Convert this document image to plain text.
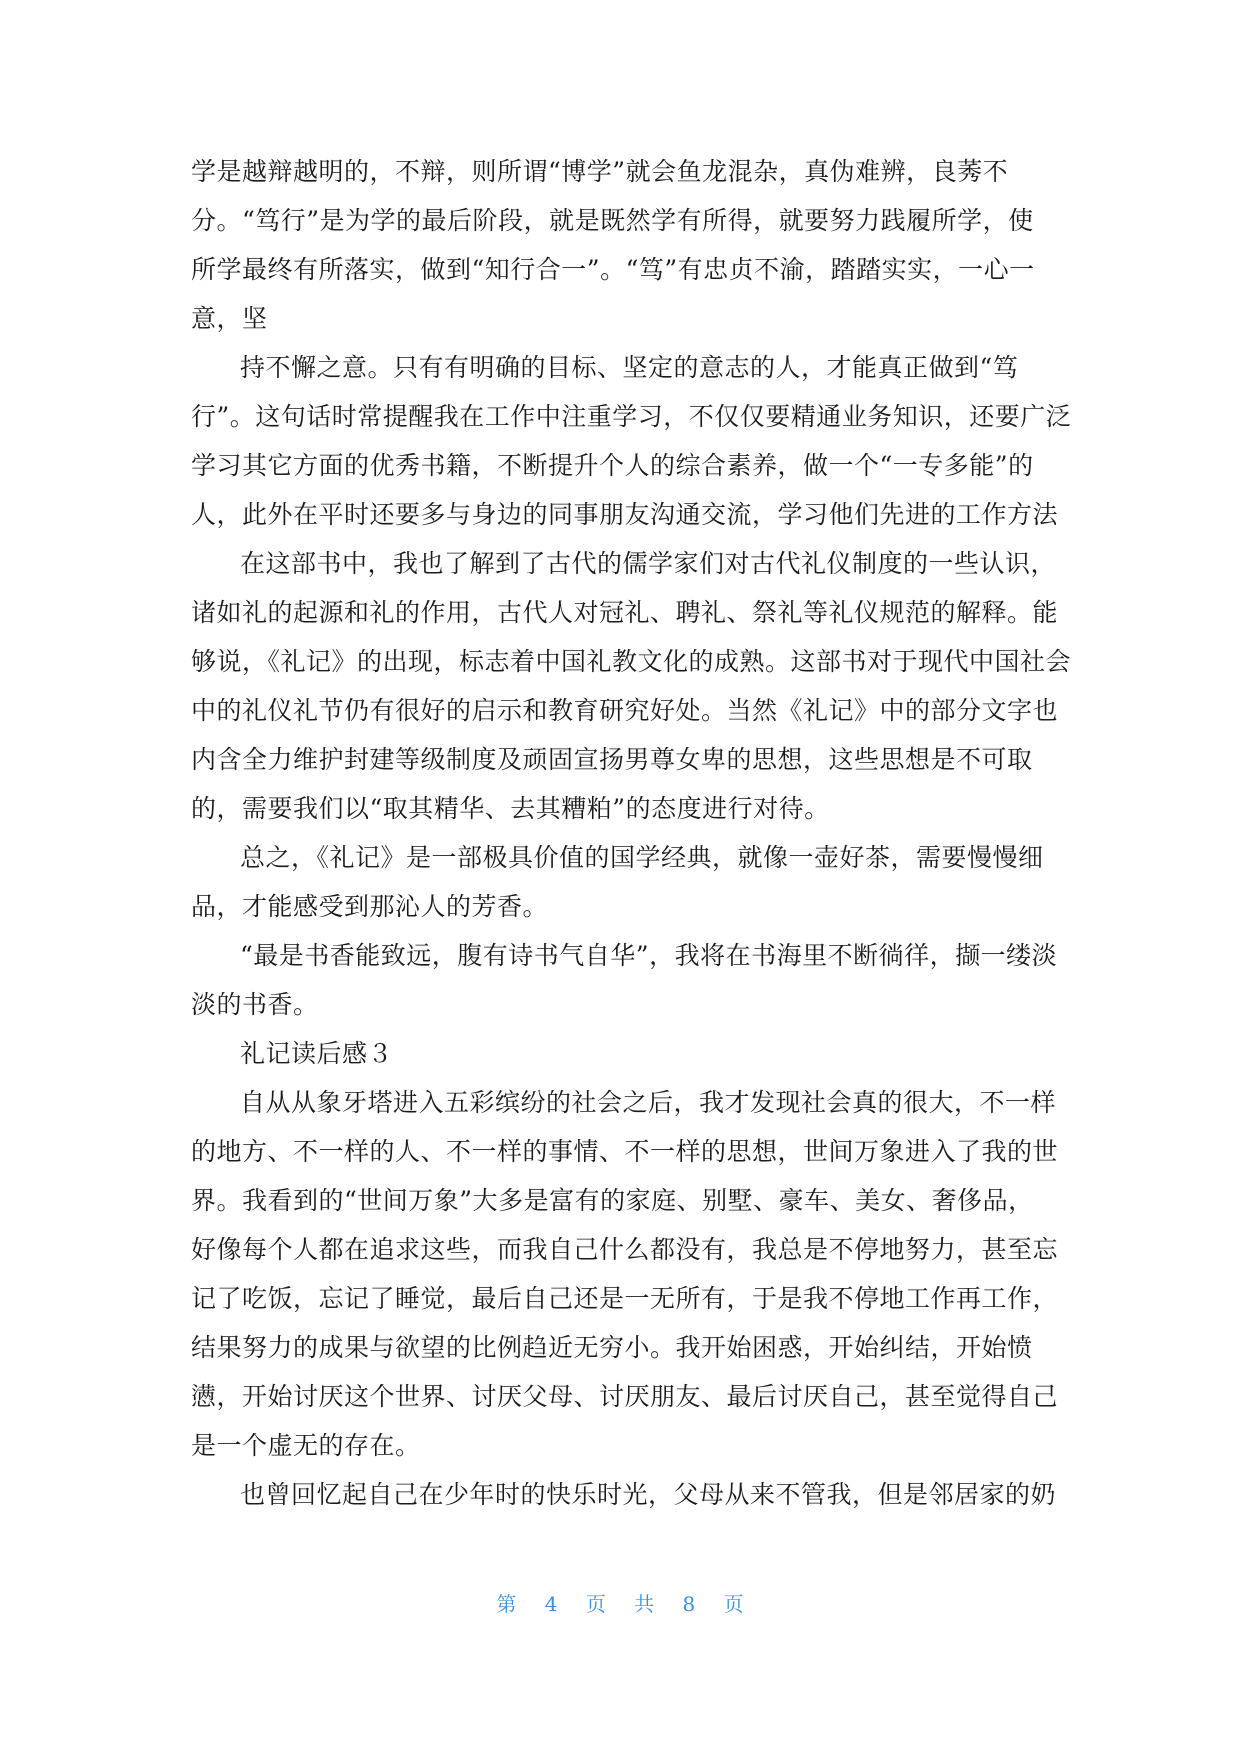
学是越辩越明的，不辩，则所谓“博学”就会鱼龙混杂，真伪难辨，良莠不
分。“笃行”是为学的最后阶段，就是既然学有所得，就要努力践履所学，使
所学最终有所落实，做到“知行合一”。“笃”有忠贞不渝，踏踏实实，一心一
意，坚
持不懈之意。只有有明确的目标、坚定的意志的人，才能真正做到“笃
行”。这句话时常提醒我在工作中注重学习，不仅仅要精通业务知识，还要广泛
学习其它方面的优秀书籍，不断提升个人的综合素养，做一个“一专多能”的
人，此外在平时还要多与身边的同事朋友沟通交流，学习他们先进的工作方法
在这部书中，我也了解到了古代的儒学家们对古代礼仪制度的一些认识，
诸如礼的起源和礼的作用，古代人对冠礼、聘礼、祭礼等礼仪规范的解释。能
够说，《礼记》的出现，标志着中国礼教文化的成熟。这部书对于现代中国社会
中的礼仪礼节仍有很好的启示和教育研究好处。当然《礼记》中的部分文字也
内含全力维护封建等级制度及顽固宣扬男尊女卑的思想，这些思想是不可取
的，需要我们以“取其精华、去其糟粕”的态度进行对待。
总之，《礼记》是一部极具价值的国学经典，就像一壶好茶，需要慢慢细
品，才能感受到那沁人的芳香。
“最是书香能致远，腹有诗书气自华”，我将在书海里不断徜徉，撷一缕淡
淡的书香。
礼记读后感３
自从从象牙塔进入五彩缤纷的社会之后，我才发现社会真的很大，不一样
的地方、不一样的人、不一样的事情、不一样的思想，世间万象进入了我的世
界。我看到的“世间万象”大多是富有的家庭、别墅、豪车、美女、奢侈品，
好像每个人都在追求这些，而我自己什么都没有，我总是不停地努力，甚至忘
记了吃饭，忘记了睡觉，最后自己还是一无所有，于是我不停地工作再工作，
结果努力的成果与欲望的比例趋近无穷小。我开始困惑，开始纠结，开始愤
懑，开始讨厌这个世界、讨厌父母、讨厌朋友、最后讨厌自己，甚至觉得自己
是一个虚无的存在。
也曾回忆起自己在少年时的快乐时光，父母从来不管我，但是邻居家的奶
第 4 页 共 8 页
